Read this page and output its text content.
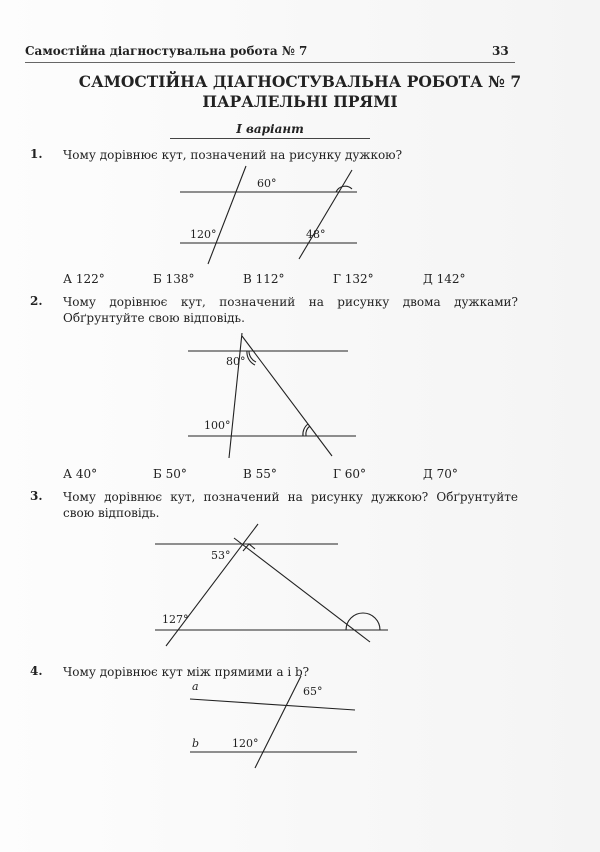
Самостійна діагностувальна робота № 7	33
САМОСТІЙНА ДІАГНОСТУВАЛЬНА РОБОТА № 7
ПАРАЛЕЛЬНІ ПРЯМІ
I варіант
1. Чому дорівнює кут, позначений на рисунку дужкою?
А 122°	Б 138°	В 112°	Г 132°	Д 142°
2. Чому дорівнює кут, позначений на рисунку двома дужками? Обґрунтуйте свою відповідь.
А 40°	Б 50°	В 55°	Г 60°	Д 70°
3. Чому дорівнює кут, позначений на рисунку дужкою? Обґрунтуйте свою відповідь.
4. Чому дорівнює кут між прямими a і b?
60°
120°	48°
80°
100°
53°
127°
a	65°
b	120°
